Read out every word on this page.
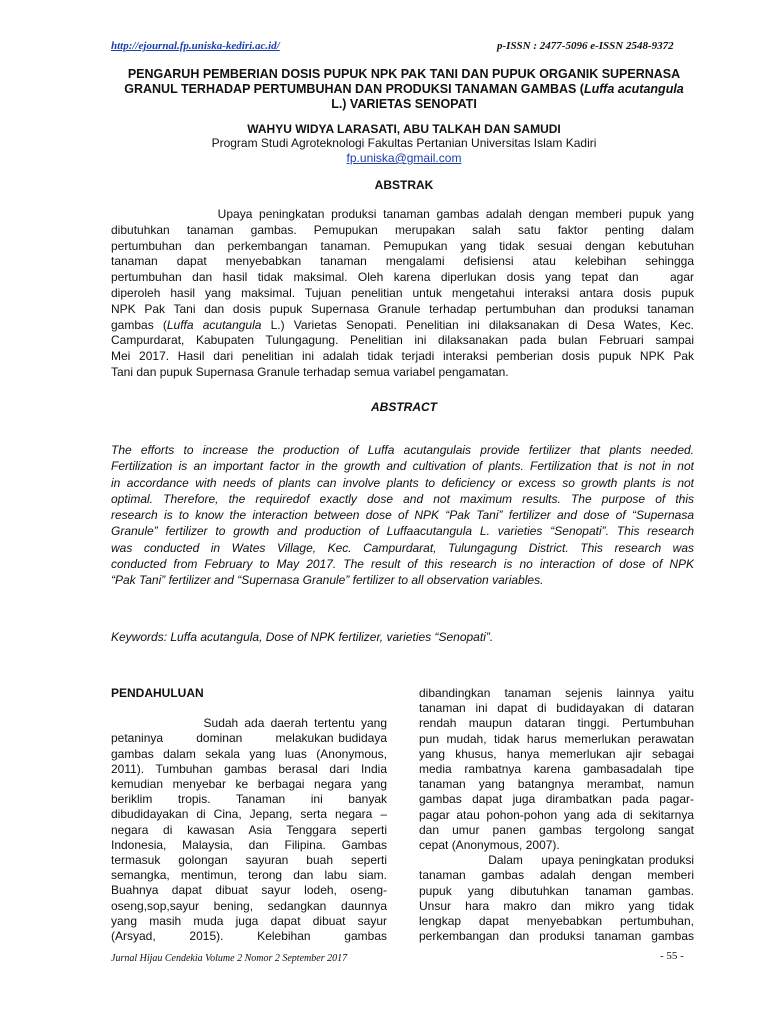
http://ejournal.fp.uniska-kediri.ac.id/	p-ISSN : 2477-5096 e-ISSN 2548-9372
PENGARUH PEMBERIAN DOSIS PUPUK NPK PAK TANI DAN PUPUK ORGANIK SUPERNASA
GRANUL TERHADAP PERTUMBUHAN DAN PRODUKSI TANAMAN GAMBAS (Luffa acutangula
L.) VARIETAS SENOPATI
WAHYU WIDYA LARASATI, ABU TALKAH DAN SAMUDI
Program Studi Agroteknologi Fakultas Pertanian Universitas Islam Kadiri
fp.uniska@gmail.com
ABSTRAK
Upaya peningkatan produksi tanaman gambas adalah dengan memberi pupuk yang
dibutuhkan tanaman gambas. Pemupukan merupakan salah satu faktor penting dalam
pertumbuhan dan perkembangan tanaman. Pemupukan yang tidak sesuai dengan kebutuhan
tanaman dapat menyebabkan tanaman mengalami defisiensi atau kelebihan sehingga
pertumbuhan dan hasil tidak maksimal. Oleh karena diperlukan dosis yang tepat dan   agar
diperoleh hasil yang maksimal. Tujuan penelitian untuk mengetahui interaksi antara dosis pupuk
NPK Pak Tani dan dosis pupuk Supernasa Granule terhadap pertumbuhan dan produksi tanaman
gambas (Luffa acutangula L.) Varietas Senopati. Penelitian ini dilaksanakan di Desa Wates, Kec.
Campurdarat, Kabupaten Tulungagung. Penelitian ini dilaksanakan pada bulan Februari sampai
Mei 2017. Hasil dari penelitian ini adalah tidak terjadi interaksi pemberian dosis pupuk NPK Pak
Tani dan pupuk Supernasa Granule terhadap semua variabel pengamatan.
ABSTRACT
The efforts to increase the production of Luffa acutangulais provide fertilizer that plants needed.
Fertilization is an important factor in the growth and cultivation of plants. Fertilization that is not in not
in accordance with needs of plants can involve plants to deficiency or excess so growth plants is not
optimal. Therefore, the requiredof exactly dose and not maximum results. The purpose of this
research is to know the interaction between dose of NPK “Pak Tani” fertilizer and dose of “Supernasa
Granule” fertilizer to growth and production of Luffaacutangula L. varieties “Senopati”. This research
was conducted in Wates Village, Kec. Campurdarat, Tulungagung District. This research was
conducted from February to May 2017. The result of this research is no interaction of dose of NPK
“Pak Tani” fertilizer and “Supernasa Granule” fertilizer to all observation variables.
Keywords: Luffa acutangula, Dose of NPK fertilizer, varieties “Senopati”.
PENDAHULUAN
Sudah ada daerah tertentu yang
petaninya       dominan       melakukan budidaya
gambas dalam sekala yang luas (Anonymous,
2011). Tumbuhan gambas berasal dari India
kemudian menyebar ke berbagai negara yang
beriklim      tropis.      Tanaman      ini      banyak
dibudidayakan di Cina, Jepang, serta negara –
negara di kawasan Asia Tenggara seperti
Indonesia, Malaysia, dan Filipina. Gambas
termasuk golongan sayuran buah seperti
semangka, mentimun, terong dan labu siam.
Buahnya dapat dibuat sayur lodeh, oseng-
oseng,sop,sayur bening, sedangkan daunnya
yang masih muda juga dapat dibuat sayur
(Arsyad,          2015).          Kelebihan          gambas
dibandingkan tanaman sejenis lainnya yaitu
tanaman ini dapat di budidayakan di dataran
rendah maupun dataran tinggi. Pertumbuhan
pun mudah, tidak harus memerlukan perawatan
yang khusus, hanya memerlukan ajir sebagai
media rambatnya karena gambasadalah tipe
tanaman yang batangnya merambat, namun
gambas dapat juga dirambatkan pada pagar-
pagar atau pohon-pohon yang ada di sekitarnya
dan umur panen gambas tergolong sangat
cepat (Anonymous, 2007).
Dalam    upaya peningkatan produksi
tanaman gambas adalah dengan memberi
pupuk yang dibutuhkan tanaman gambas.
Unsur hara makro dan mikro yang tidak
lengkap dapat menyebabkan pertumbuhan,
perkembangan dan produksi tanaman gambas
Jurnal Hijau Cendekia Volume 2 Nomor 2 September 2017	- 55 -
